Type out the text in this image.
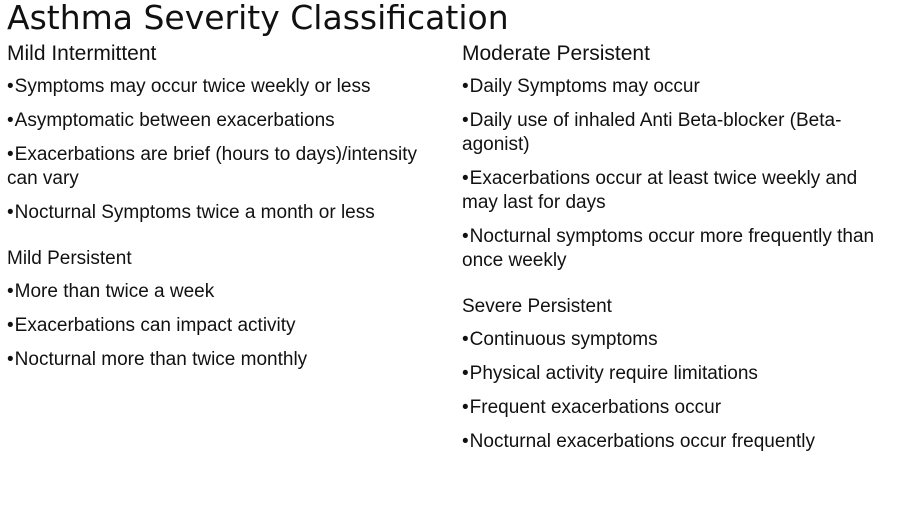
Asthma Severity Classification
Mild Intermittent
• Symptoms may occur twice weekly or less
• Asymptomatic between exacerbations
• Exacerbations are brief (hours to days)/intensity can vary
• Nocturnal Symptoms twice a month or less
Mild Persistent
• More than twice a week
• Exacerbations can impact activity
• Nocturnal more than twice monthly
Moderate Persistent
• Daily Symptoms may occur
• Daily use of inhaled Anti Beta-blocker (Beta-agonist)
• Exacerbations occur at least twice weekly and may last for days
• Nocturnal symptoms occur more frequently than once weekly
Severe Persistent
• Continuous symptoms
• Physical activity require limitations
• Frequent exacerbations occur
• Nocturnal exacerbations occur frequently
